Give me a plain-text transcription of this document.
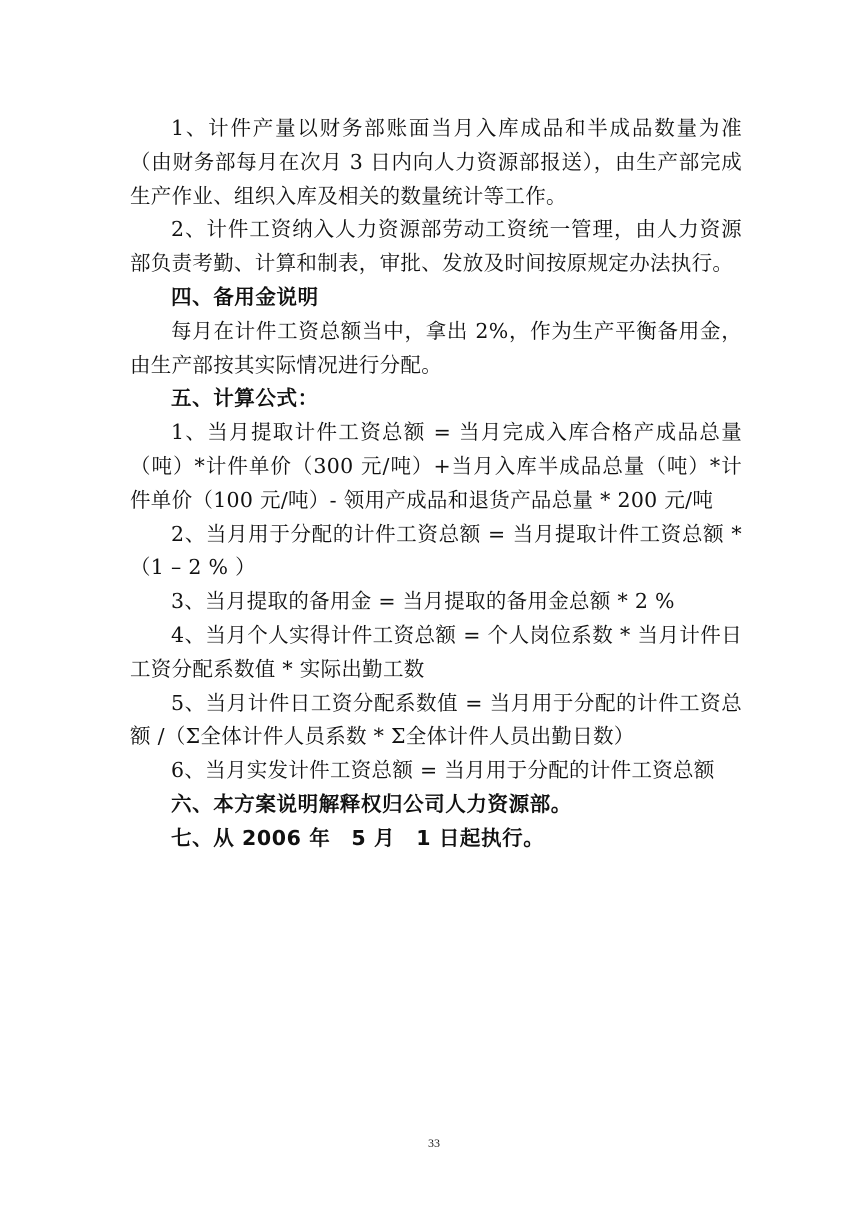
1、计件产量以财务部账面当月入库成品和半成品数量为准（由财务部每月在次月 3 日内向人力资源部报送），由生产部完成生产作业、组织入库及相关的数量统计等工作。

2、计件工资纳入人力资源部劳动工资统一管理，由人力资源部负责考勤、计算和制表，审批、发放及时间按原规定办法执行。

四、备用金说明

每月在计件工资总额当中，拿出 2%，作为生产平衡备用金，由生产部按其实际情况进行分配。

五、计算公式：

1、当月提取计件工资总额 = 当月完成入库合格产成品总量（吨）*计件单价（300 元/吨）+当月入库半成品总量（吨）*计件单价（100 元/吨）- 领用产成品和退货产品总量 * 200 元/吨

2、当月用于分配的计件工资总额 = 当月提取计件工资总额 *（1 – 2 % ）

3、当月提取的备用金 = 当月提取的备用金总额 * 2 %

4、当月个人实得计件工资总额 = 个人岗位系数 * 当月计件日工资分配系数值 * 实际出勤工数

5、当月计件日工资分配系数值 = 当月用于分配的计件工资总额 /（Σ全体计件人员系数 * Σ全体计件人员出勤日数）

6、当月实发计件工资总额 = 当月用于分配的计件工资总额

六、本方案说明解释权归公司人力资源部。

七、从 2006 年　5 月　1 日起执行。

33
